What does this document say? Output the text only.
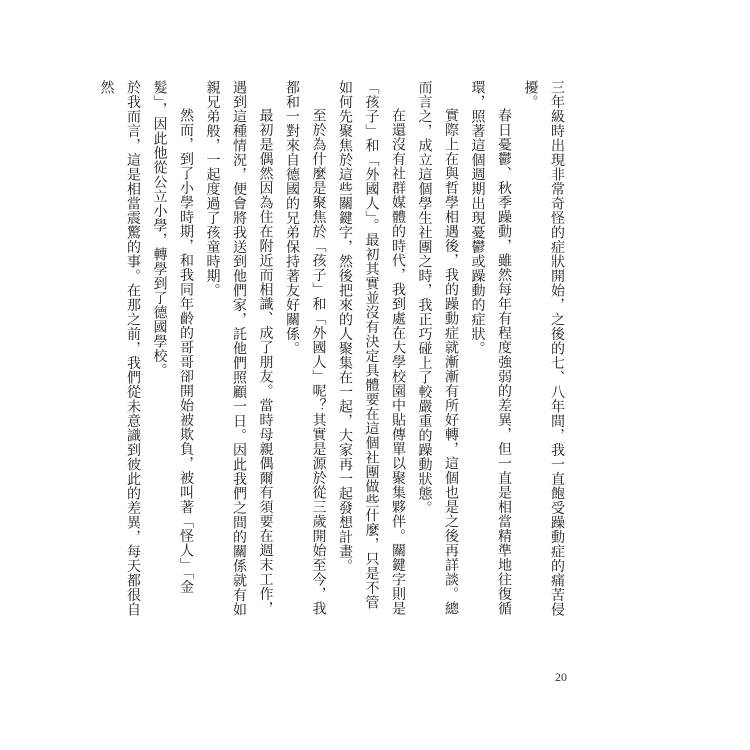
三年級時出現非常奇怪的症狀開始，之後的七、八年間，我一直飽受躁動症的痛苦侵擾。

春日憂鬱、秋季躁動，雖然每年有程度強弱的差異，但一直是相當精準地往復循環，照著這個週期出現憂鬱或躁動的症狀。

實際上在與哲學相遇後，我的躁動症就漸漸有所好轉，這個也是之後再詳談。總而言之，成立這個學生社團之時，我正巧碰上了較嚴重的躁動狀態。

在還沒有社群媒體的時代，我到處在大學校園中貼傳單以聚集夥伴。關鍵字則是「孩子」和「外國人」。最初其實並沒有決定具體要在這個社團做些什麼，只是不管如何先聚焦於這些關鍵字，然後把來的人聚集在一起，大家再一起發想計畫。

至於為什麼是聚焦於「孩子」和「外國人」呢？其實是源於從三歲開始至今，我都和一對來自德國的兄弟保持著友好關係。

最初是偶然因為住在附近而相識、成了朋友。當時母親偶爾有須要在週末工作，遇到這種情況，便會將我送到他們家，託他們照顧一日。因此我們之間的關係就有如親兄弟般，一起度過了孩童時期。

然而，到了小學時期，和我同年齡的哥哥卻開始被欺負，被叫著「怪人」「金髮」，因此他從公立小學，轉學到了德國學校。

於我而言，這是相當震驚的事。在那之前，我們從未意識到彼此的差異，每天都很自然

20
